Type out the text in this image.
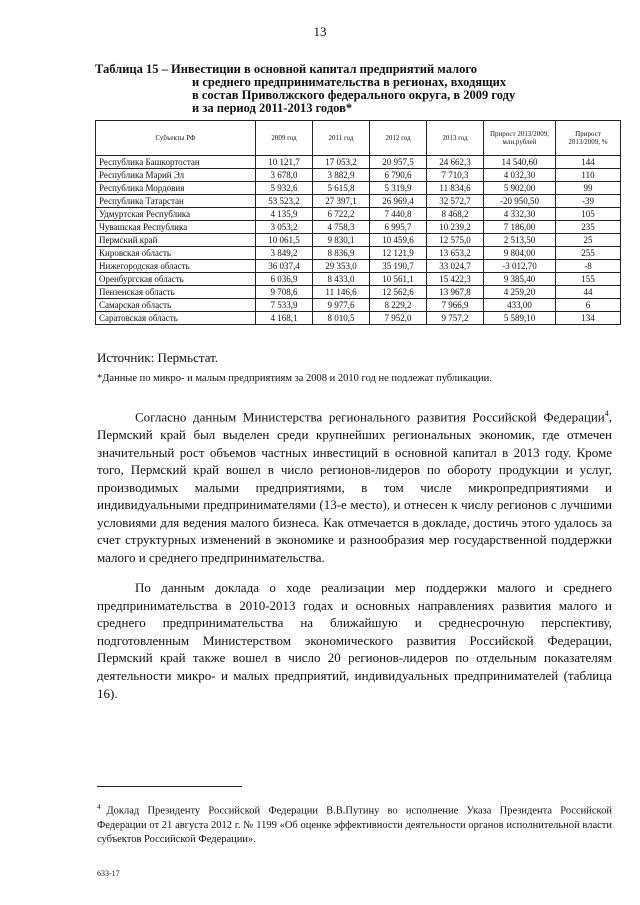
13
Таблица 15 – Инвестиции в основной капитал предприятий малого
и среднего предпринимательства в регионах, входящих
в состав Приволжского федерального округа, в 2009 году
и за период 2011-2013 годов*
Субъекты РФ	2009 год	2011 год	2012 год	2013 год	Прирост 2013/2009, млн.рублей	Прирост 2013/2009, %
Республика Башкортостан	10 121,7	17 053,2	20 957,5	24 662,3	14 540,60	144
Республика Марий Эл	3 678,0	3 882,9	6 790,6	7 710,3	4 032,30	110
Республика Мордовия	5 932,6	5 615,8	5 319,9	11 834,6	5 902,00	99
Республика Татарстан	53 523,2	27 397,1	26 969,4	32 572,7	-20 950,50	-39
Удмуртская Республика	4 135,9	6 722,2	7 440,8	8 468,2	4 332,30	105
Чувашская Республика	3 053,2	4 758,3	6 995,7	10 239,2	7 186,00	235
Пермский край	10 061,5	9 830,1	10 459,6	12 575,0	2 513,50	25
Кировская область	3 849,2	8 836,9	12 121,9	13 653,2	9 804,00	255
Нижегородская область	36 037,4	29 353,0	35 190,7	33 024,7	-3 012,70	-8
Оренбургская область	6 036,9	8 433,0	10 561,1	15 422,3	9 385,40	155
Пензенская область	9 708,6	11 146,6	12 562,6	13 967,8	4 259,20	44
Самарская область	7 533,9	9 977,6	8 229,2	7 966,9	433,00	6
Саратовская область	4 168,1	8 010,5	7 952,0	9 757,2	5 589,10	134
Источник: Пермьстат.
*Данные по микро- и малым предприятиям за 2008 и 2010 год не подлежат публикации.
Согласно данным Министерства регионального развития Российской Федерации$^4$, Пермский край был выделен среди крупнейших региональных экономик, где отмечен значительный рост объемов частных инвестиций в основной капитал в 2013 году. Кроме того, Пермский край вошел в число регионов-лидеров по обороту продукции и услуг, производимых малыми предприятиями, в том числе микропредприятиями и индивидуальными предпринимателями (13-е место), и отнесен к числу регионов с лучшими условиями для ведения малого бизнеса. Как отмечается в докладе, достичь этого удалось за счет структурных изменений в экономике и разнообразия мер государственной поддержки малого и среднего предпринимательства.
По данным доклада о ходе реализации мер поддержки малого и среднего предпринимательства в 2010-2013 годах и основных направлениях развития малого и среднего предпринимательства на ближайшую и среднесрочную перспективу, подготовленным Министерством экономического развития Российской Федерации, Пермский край также вошел в число 20 регионов-лидеров по отдельным показателям деятельности микро- и малых предприятий, индивидуальных предпринимателей (таблица 16).
$^4$ Доклад Президенту Российской Федерации В.В.Путину во исполнение Указа Президента Российской Федерации от 21 августа 2012 г. № 1199 «Об оценке эффективности деятельности органов исполнительной власти субъектов Российской Федерации».
633-17
